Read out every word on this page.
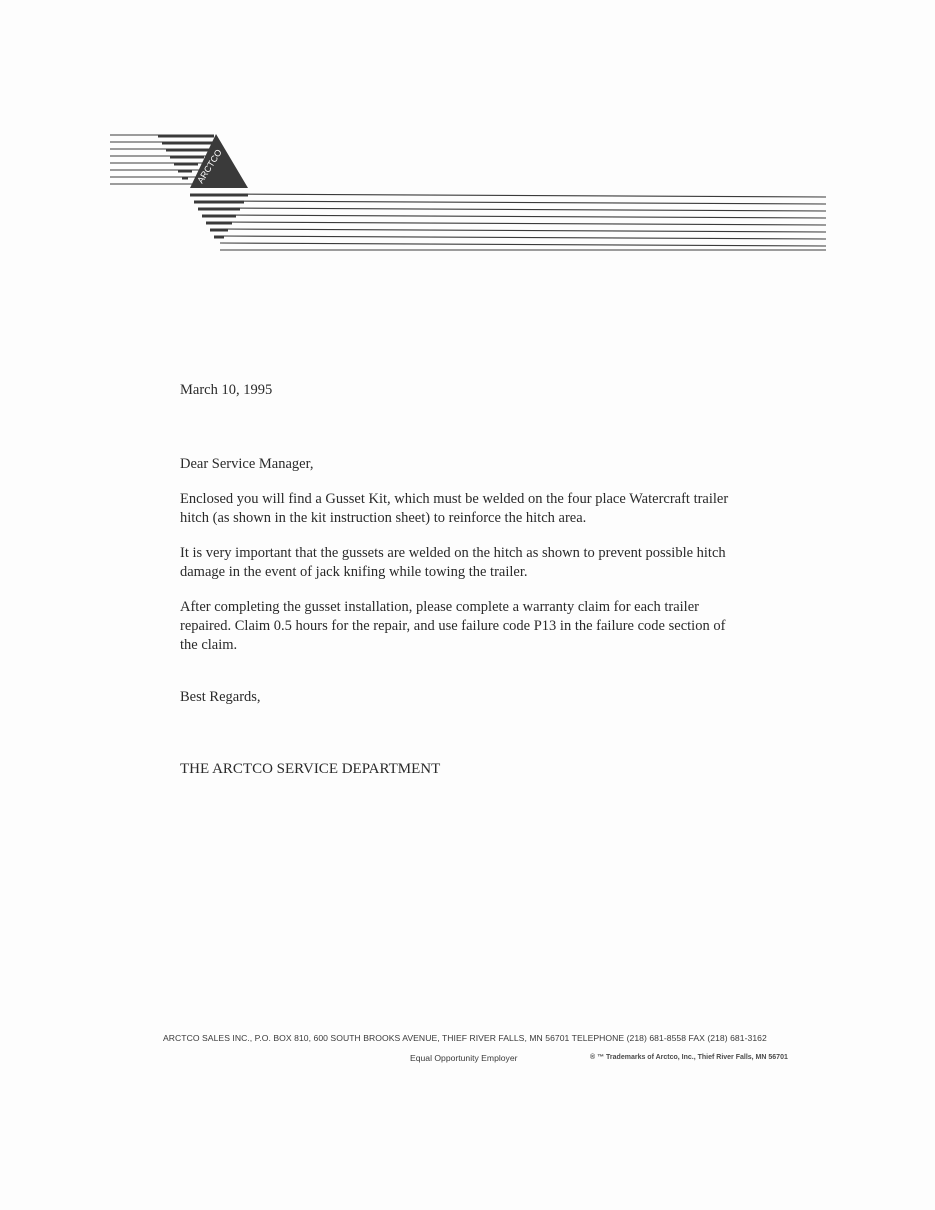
ARCTCO
March 10, 1995
Dear Service Manager,

Enclosed you will find a Gusset Kit, which must be welded on the four place Watercraft trailer
hitch (as shown in the kit instruction sheet) to reinforce the hitch area.

It is very important that the gussets are welded on the hitch as shown to prevent possible hitch
damage in the event of jack knifing while towing the trailer.

After completing the gusset installation, please complete a warranty claim for each trailer
repaired. Claim 0.5 hours for the repair, and use failure code P13 in the failure code section of
the claim.

Best Regards,
THE ARCTCO SERVICE DEPARTMENT
ARCTCO SALES INC., P.O. BOX 810, 600 SOUTH BROOKS AVENUE, THIEF RIVER FALLS, MN 56701 TELEPHONE (218) 681-8558 FAX (218) 681-3162
Equal Opportunity Employer	® ™ Trademarks of Arctco, Inc., Thief River Falls, MN 56701
